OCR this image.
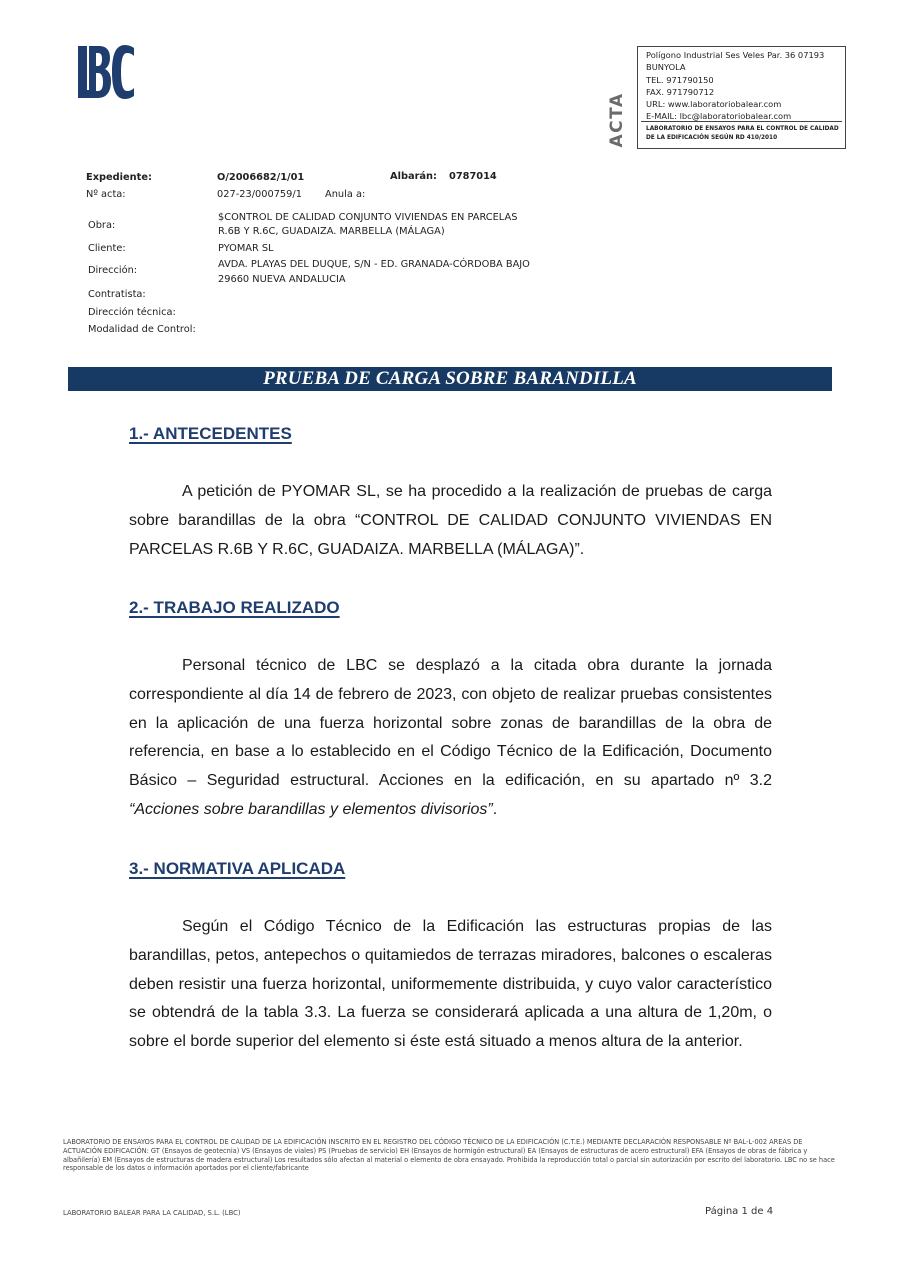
ACTA
Polígono Industrial Ses Veles Par. 36 07193
BUNYOLA
TEL. 971790150
FAX. 971790712
URL: www.laboratoriobalear.com
E-MAIL: lbc@laboratoriobalear.com
LABORATORIO DE ENSAYOS PARA EL CONTROL DE CALIDAD DE LA EDIFICACIÓN SEGÚN RD 410/2010
Expediente:	O/2006682/1/01	Albarán: 0787014
Nº acta:	027-23/000759/1 Anula a:
Obra:
$CONTROL DE CALIDAD CONJUNTO VIVIENDAS EN PARCELAS
R.6B Y R.6C, GUADAIZA. MARBELLA (MÁLAGA)
Cliente:	PYOMAR SL
Dirección:
AVDA. PLAYAS DEL DUQUE, S/N - ED. GRANADA-CÓRDOBA BAJO
29660 NUEVA ANDALUCIA
Contratista:
Dirección técnica:
Modalidad de Control:
PRUEBA DE CARGA SOBRE BARANDILLA
1.- ANTECEDENTES
A petición de PYOMAR SL, se ha procedido a la realización de pruebas de carga sobre barandillas de la obra “CONTROL DE CALIDAD CONJUNTO VIVIENDAS EN PARCELAS R.6B Y R.6C, GUADAIZA. MARBELLA (MÁLAGA)”.
2.- TRABAJO REALIZADO
Personal técnico de LBC se desplazó a la citada obra durante la jornada correspondiente al día 14 de febrero de 2023, con objeto de realizar pruebas consistentes en la aplicación de una fuerza horizontal sobre zonas de barandillas de la obra de referencia, en base a lo establecido en el Código Técnico de la Edificación, Documento Básico – Seguridad estructural. Acciones en la edificación, en su apartado nº 3.2 “Acciones sobre barandillas y elementos divisorios”.
3.- NORMATIVA APLICADA
Según el Código Técnico de la Edificación las estructuras propias de las barandillas, petos, antepechos o quitamiedos de terrazas miradores, balcones o escaleras deben resistir una fuerza horizontal, uniformemente distribuida, y cuyo valor característico se obtendrá de la tabla 3.3. La fuerza se considerará aplicada a una altura de 1,20m, o sobre el borde superior del elemento si éste está situado a menos altura de la anterior.
LABORATORIO DE ENSAYOS PARA EL CONTROL DE CALIDAD DE LA EDIFICACIÓN INSCRITO EN EL REGISTRO DEL CÓDIGO TÉCNICO DE LA EDIFICACIÓN (C.T.E.) MEDIANTE DECLARACIÓN RESPONSABLE Nº BAL-L-002 AREAS DE ACTUACIÓN EDIFICACIÓN: GT (Ensayos de geotecnia) VS (Ensayos de viales) PS (Pruebas de servicio) EH (Ensayos de hormigón estructural) EA (Ensayos de estructuras de acero estructural) EFA (Ensayos de obras de fábrica y albañilería) EM (Ensayos de estructuras de madera estructural) Los resultados sólo afectan al material o elemento de obra ensayado. Prohibida la reproducción total o parcial sin autorización por escrito del laboratorio. LBC no se hace responsable de los datos o información aportados por el cliente/fabricante
LABORATORIO BALEAR PARA LA CALIDAD, S.L. (LBC)	Página 1 de 4
